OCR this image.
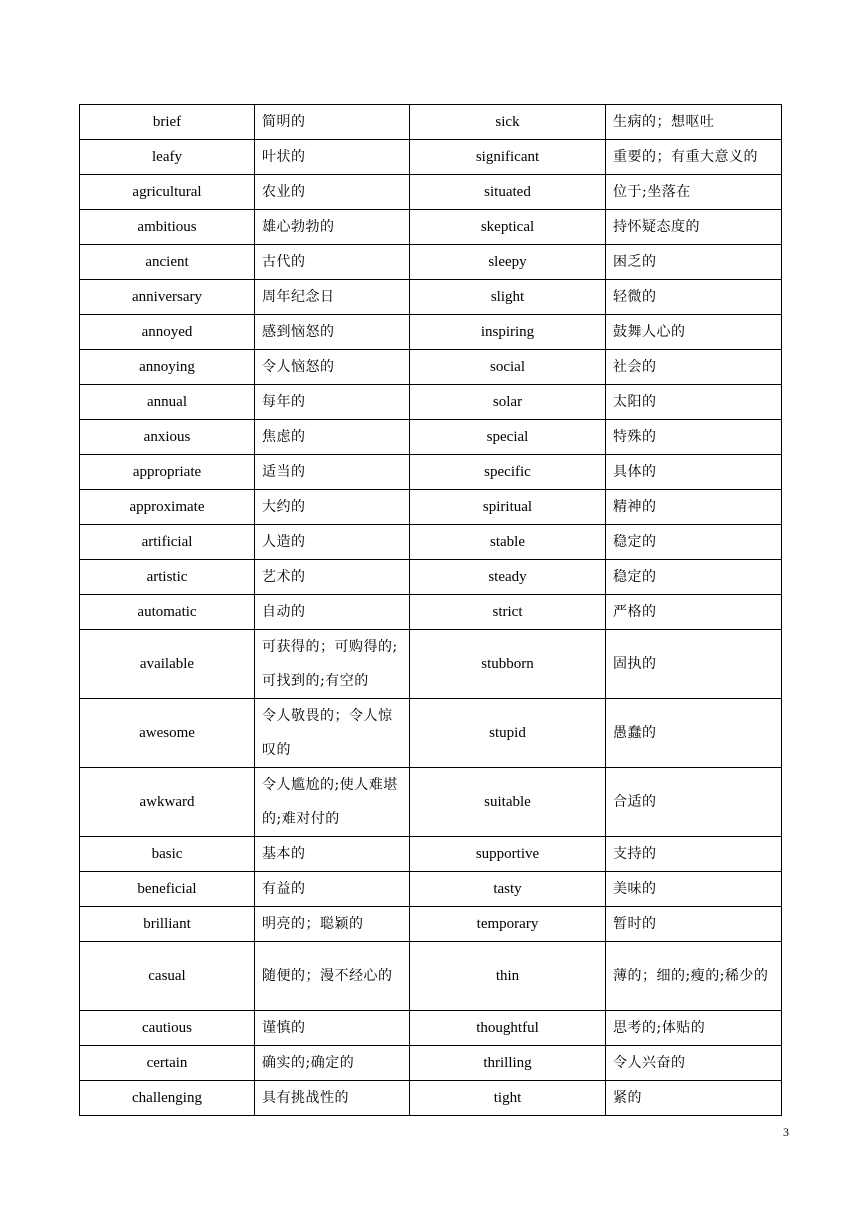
brief	简明的	sick	生病的；想呕吐
leafy	叶状的	significant	重要的；有重大意义的
agricultural	农业的	situated	位于;坐落在
ambitious	雄心勃勃的	skeptical	持怀疑态度的
ancient	古代的	sleepy	困乏的
anniversary	周年纪念日	slight	轻微的
annoyed	感到恼怒的	inspiring	鼓舞人心的
annoying	令人恼怒的	social	社会的
annual	每年的	solar	太阳的
anxious	焦虑的	special	特殊的
appropriate	适当的	specific	具体的
approximate	大约的	spiritual	精神的
artificial	人造的	stable	稳定的
artistic	艺术的	steady	稳定的
automatic	自动的	strict	严格的
available	可获得的；可购得的;可找到的;有空的	stubborn	固执的
awesome	令人敬畏的；令人惊叹的	stupid	愚蠢的
awkward	令人尴尬的;使人难堪的;难对付的	suitable	合适的
basic	基本的	supportive	支持的
beneficial	有益的	tasty	美味的
brilliant	明亮的；聪颖的	temporary	暂时的
casual	随便的；漫不经心的	thin	薄的；细的;瘦的;稀少的
cautious	谨慎的	thoughtful	思考的;体贴的
certain	确实的;确定的	thrilling	令人兴奋的
challenging	具有挑战性的	tight	紧的
3
